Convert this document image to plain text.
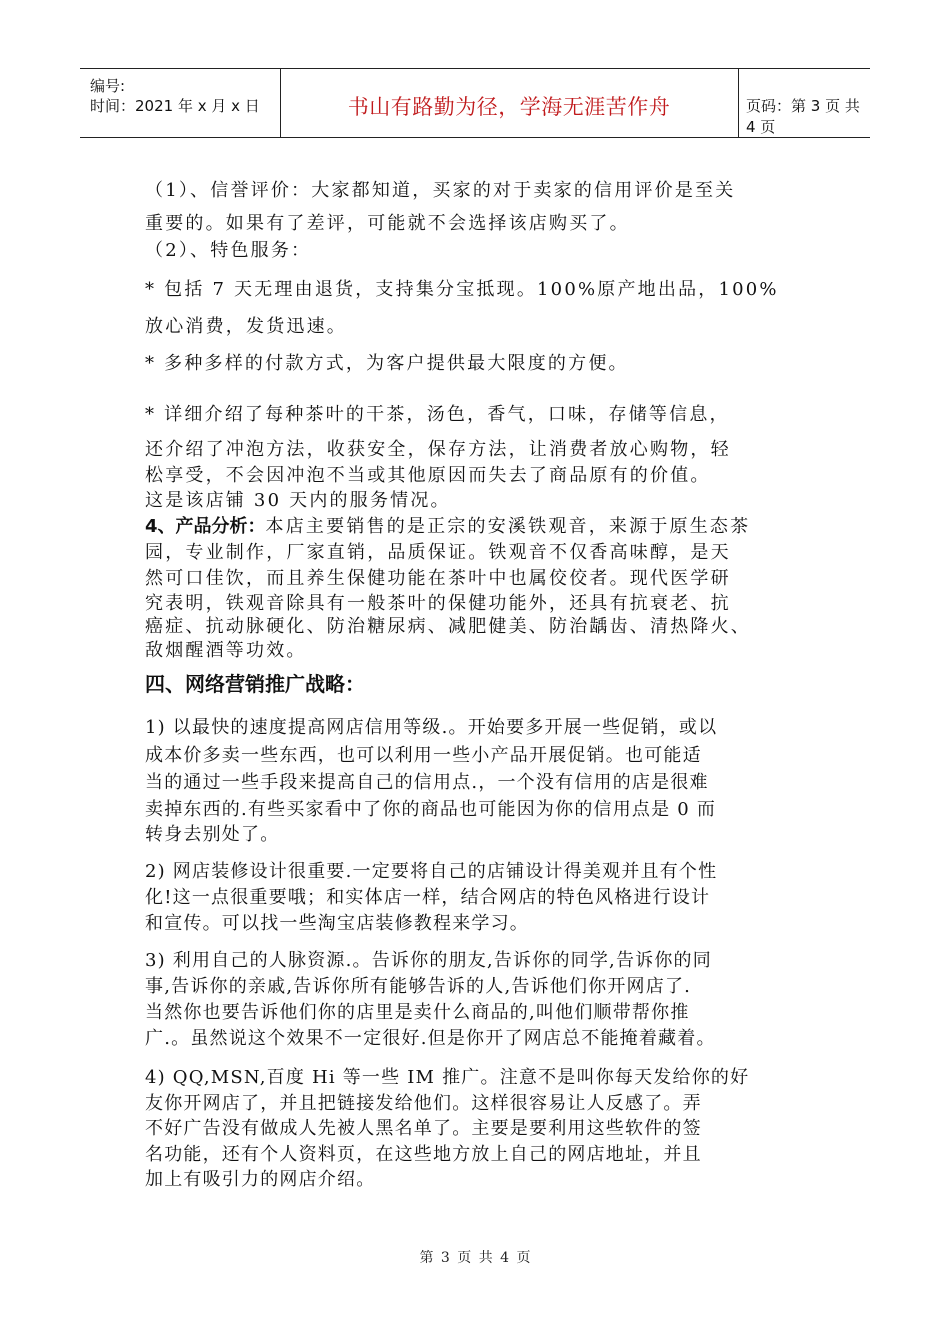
编号:
时间：2021 年 x 月 x 日	书山有路勤为径，学海无涯苦作舟	页码：第 3 页 共 4 页
（1）、信誉评价：大家都知道，买家的对于卖家的信用评价是至关
重要的。如果有了差评，可能就不会选择该店购买了。
（2）、特色服务：
* 包括 7 天无理由退货，支持集分宝抵现。100%原产地出品，100%
放心消费，发货迅速。
* 多种多样的付款方式，为客户提供最大限度的方便。
* 详细介绍了每种茶叶的干茶，汤色，香气，口味，存储等信息，
还介绍了冲泡方法，收获安全，保存方法，让消费者放心购物，轻
松享受，不会因冲泡不当或其他原因而失去了商品原有的价值。
这是该店铺 30 天内的服务情况。
4、产品分析：本店主要销售的是正宗的安溪铁观音，来源于原生态茶
园，专业制作，厂家直销，品质保证。铁观音不仅香高味醇，是天
然可口佳饮，而且养生保健功能在茶叶中也属佼佼者。现代医学研
究表明，铁观音除具有一般茶叶的保健功能外，还具有抗衰老、抗
癌症、抗动脉硬化、防治糖尿病、减肥健美、防治龋齿、清热降火、
敌烟醒酒等功效。
四、网络营销推广战略：
1) 以最快的速度提高网店信用等级.。开始要多开展一些促销，或以
成本价多卖一些东西，也可以利用一些小产品开展促销。也可能适
当的通过一些手段来提高自己的信用点.，一个没有信用的店是很难
卖掉东西的.有些买家看中了你的商品也可能因为你的信用点是 0 而
转身去别处了。
2) 网店装修设计很重要.一定要将自己的店铺设计得美观并且有个性
化!这一点很重要哦；和实体店一样，结合网店的特色风格进行设计
和宣传。可以找一些淘宝店装修教程来学习。
3) 利用自己的人脉资源.。告诉你的朋友,告诉你的同学,告诉你的同
事,告诉你的亲戚,告诉你所有能够告诉的人,告诉他们你开网店了.
当然你也要告诉他们你的店里是卖什么商品的,叫他们顺带帮你推
广.。虽然说这个效果不一定很好.但是你开了网店总不能掩着藏着。
4) QQ,MSN,百度 Hi 等一些 IM 推广。注意不是叫你每天发给你的好
友你开网店了，并且把链接发给他们。这样很容易让人反感了。弄
不好广告没有做成人先被人黑名单了。主要是要利用这些软件的签
名功能，还有个人资料页，在这些地方放上自己的网店地址，并且
加上有吸引力的网店介绍。
第 3 页 共 4 页
